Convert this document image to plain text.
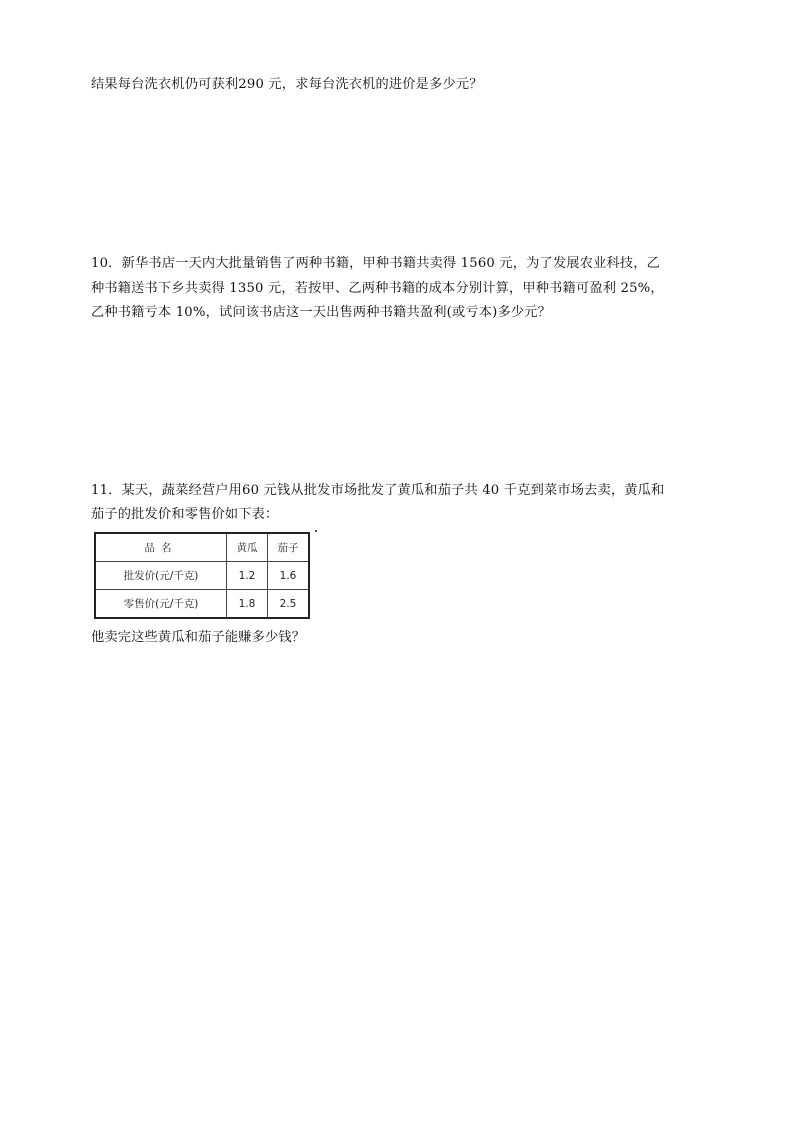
结果每台洗衣机仍可获利290 元，求每台洗衣机的进价是多少元？
10．新华书店一天内大批量销售了两种书籍，甲种书籍共卖得 1560 元，为了发展农业科技，乙
种书籍送书下乡共卖得 1350 元，若按甲、乙两种书籍的成本分别计算，甲种书籍可盈利 25%，
乙种书籍亏本 10%，试问该书店这一天出售两种书籍共盈利(或亏本)多少元？
11．某天，蔬菜经营户用60 元钱从批发市场批发了黄瓜和茄子共 40 千克到菜市场去卖，黄瓜和
茄子的批发价和零售价如下表：
品名	黄瓜	茄子
批发价(元/千克)	1.2	1.6
零售价(元/千克)	1.8	2.5
他卖完这些黄瓜和茄子能赚多少钱？
